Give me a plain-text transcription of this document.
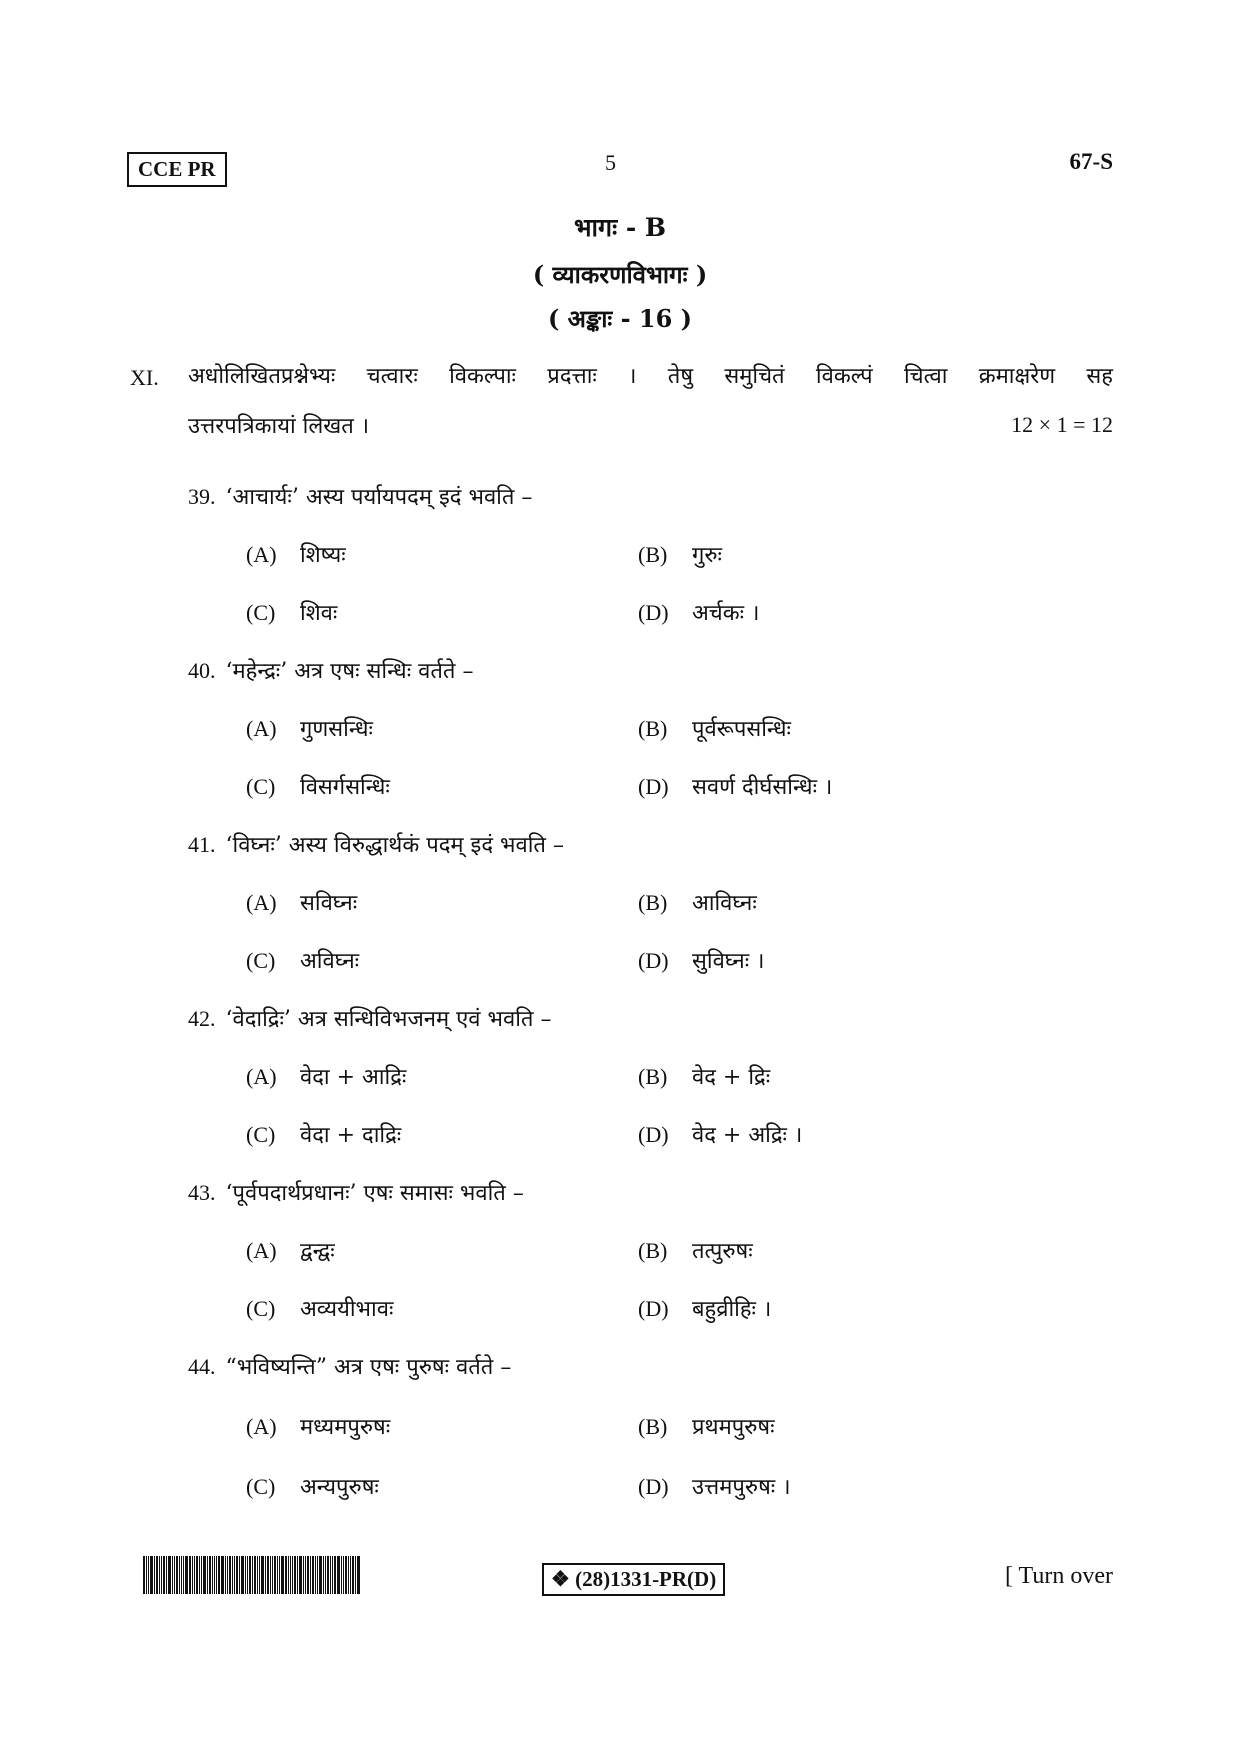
CCE PR	5	67-S
भागः - B
( व्याकरणविभागः )
( अङ्काः - 16 )
XI. अधोलिखितप्रश्नेभ्यः चत्वारः विकल्पाः प्रदत्ताः । तेषु समुचितं विकल्पं चित्वा क्रमाक्षरेण सह
उत्तरपत्रिकायां लिखत ।	12 × 1 = 12
39. ‘आचार्यः’ अस्य पर्यायपदम् इदं भवति –
(A) शिष्यः	(B) गुरुः
(C) शिवः	(D) अर्चकः ।
40. ‘महेन्द्रः’ अत्र एषः सन्धिः वर्तते –
(A) गुणसन्धिः	(B) पूर्वरूपसन्धिः
(C) विसर्गसन्धिः	(D) सवर्ण दीर्घसन्धिः ।
41. ‘विघ्नः’ अस्य विरुद्धार्थकं पदम् इदं भवति –
(A) सविघ्नः	(B) आविघ्नः
(C) अविघ्नः	(D) सुविघ्नः ।
42. ‘वेदाद्रिः’ अत्र सन्धिविभजनम् एवं भवति –
(A) वेदा + आद्रिः	(B) वेद + द्रिः
(C) वेदा + दाद्रिः	(D) वेद + अद्रिः ।
43. ‘पूर्वपदार्थप्रधानः’ एषः समासः भवति –
(A) द्वन्द्वः	(B) तत्पुरुषः
(C) अव्ययीभावः	(D) बहुव्रीहिः ।
44. “भविष्यन्ति” अत्र एषः पुरुषः वर्तते –
(A) मध्यमपुरुषः	(B) प्रथमपुरुषः
(C) अन्यपुरुषः	(D) उत्तमपुरुषः ।
❖ (28)1331-PR(D)	[ Turn over
